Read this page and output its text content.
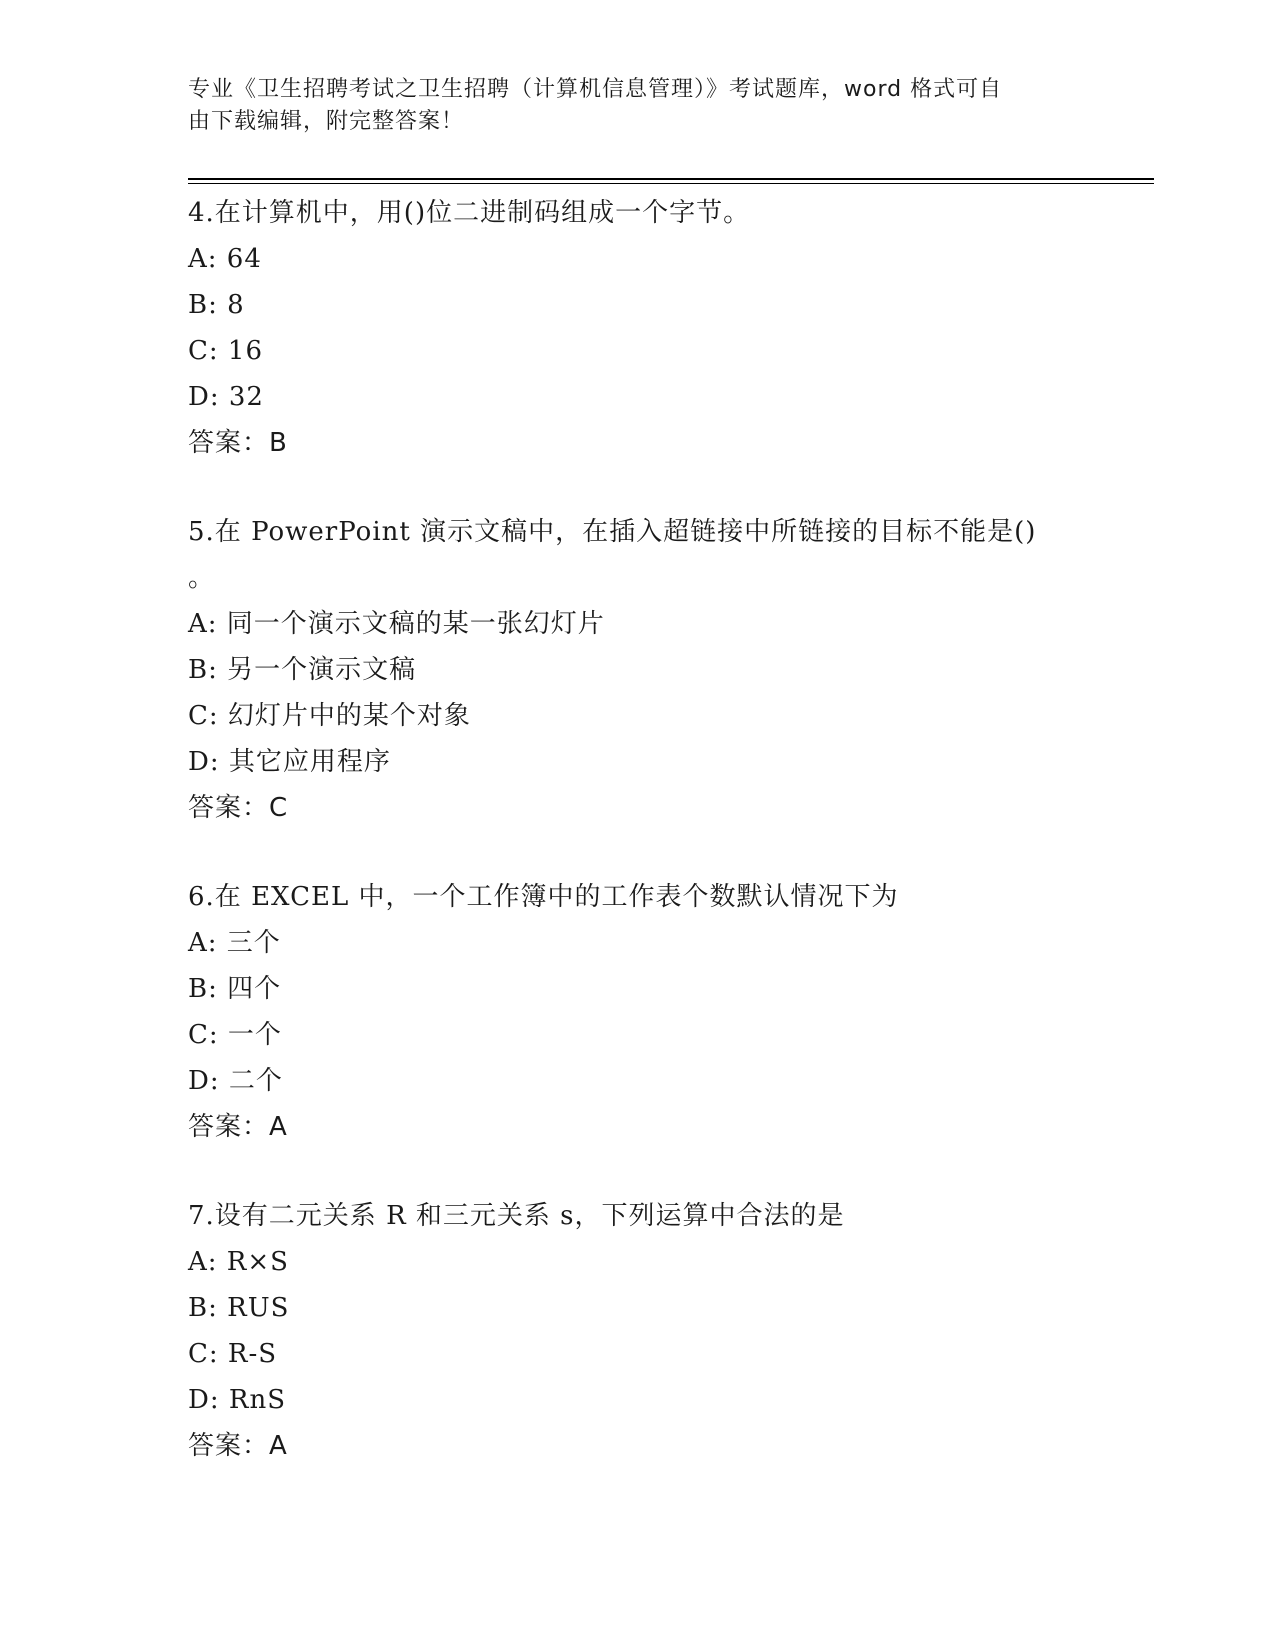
专业《卫生招聘考试之卫生招聘（计算机信息管理）》考试题库，word 格式可自
由下载编辑，附完整答案！
4.在计算机中，用()位二进制码组成一个字节。
A: 64
B: 8
C: 16
D: 32
答案：B
5.在 PowerPoint 演示文稿中，在插入超链接中所链接的目标不能是()
。
A: 同一个演示文稿的某一张幻灯片
B: 另一个演示文稿
C: 幻灯片中的某个对象
D: 其它应用程序
答案：C
6.在 EXCEL 中，一个工作簿中的工作表个数默认情况下为
A: 三个
B: 四个
C: 一个
D: 二个
答案：A
7.设有二元关系 R 和三元关系 s，下列运算中合法的是
A: R×S
B: RUS
C: R-S
D: RnS
答案：A
